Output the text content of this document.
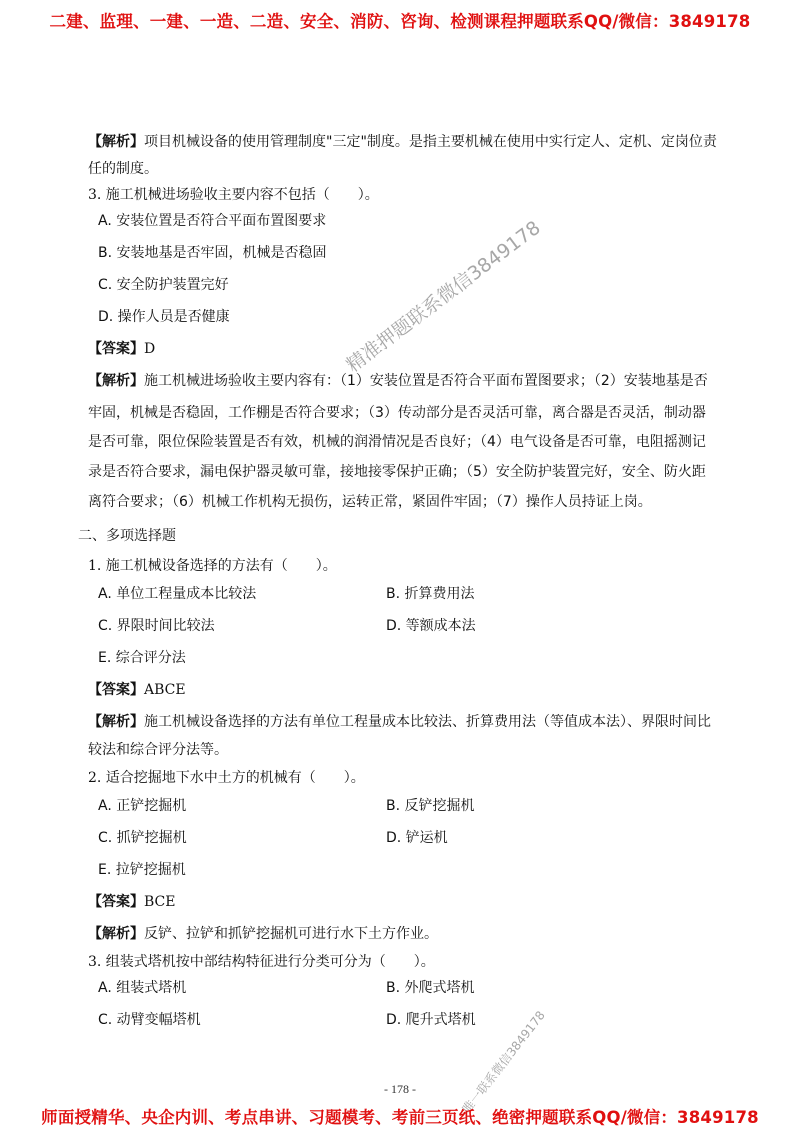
二建、监理、一建、一造、二造、安全、消防、咨询、检测课程押题联系QQ/微信：3849178
【解析】项目机械设备的使用管理制度"三定"制度。是指主要机械在使用中实行定人、定机、定岗位责
任的制度。
3. 施工机械进场验收主要内容不包括（　　）。
A. 安装位置是否符合平面布置图要求
B. 安装地基是否牢固，机械是否稳固
C. 安全防护装置完好
D. 操作人员是否健康
【答案】D
【解析】施工机械进场验收主要内容有：（1）安装位置是否符合平面布置图要求；（2）安装地基是否
牢固，机械是否稳固，工作棚是否符合要求；（3）传动部分是否灵活可靠，离合器是否灵活，制动器
是否可靠，限位保险装置是否有效，机械的润滑情况是否良好；（4）电气设备是否可靠，电阻摇测记
录是否符合要求，漏电保护器灵敏可靠，接地接零保护正确；（5）安全防护装置完好，安全、防火距
离符合要求；（6）机械工作机构无损伤，运转正常，紧固件牢固；（7）操作人员持证上岗。
二、多项选择题
1. 施工机械设备选择的方法有（　　）。
A. 单位工程量成本比较法	B. 折算费用法
C. 界限时间比较法	D. 等额成本法
E. 综合评分法
【答案】ABCE
【解析】施工机械设备选择的方法有单位工程量成本比较法、折算费用法（等值成本法）、界限时间比
较法和综合评分法等。
2. 适合挖掘地下水中土方的机械有（　　）。
A. 正铲挖掘机	B. 反铲挖掘机
C. 抓铲挖掘机	D. 铲运机
E. 拉铲挖掘机
【答案】BCE
【解析】反铲、拉铲和抓铲挖掘机可进行水下土方作业。
3. 组装式塔机按中部结构特征进行分类可分为（　　）。
A. 组装式塔机	B. 外爬式塔机
C. 动臂变幅塔机	D. 爬升式塔机
- 178 -
精准押题联系微信3849178
唯一联系微信3849178
师面授精华、央企内训、考点串讲、习题模考、考前三页纸、绝密押题联系QQ/微信：3849178
